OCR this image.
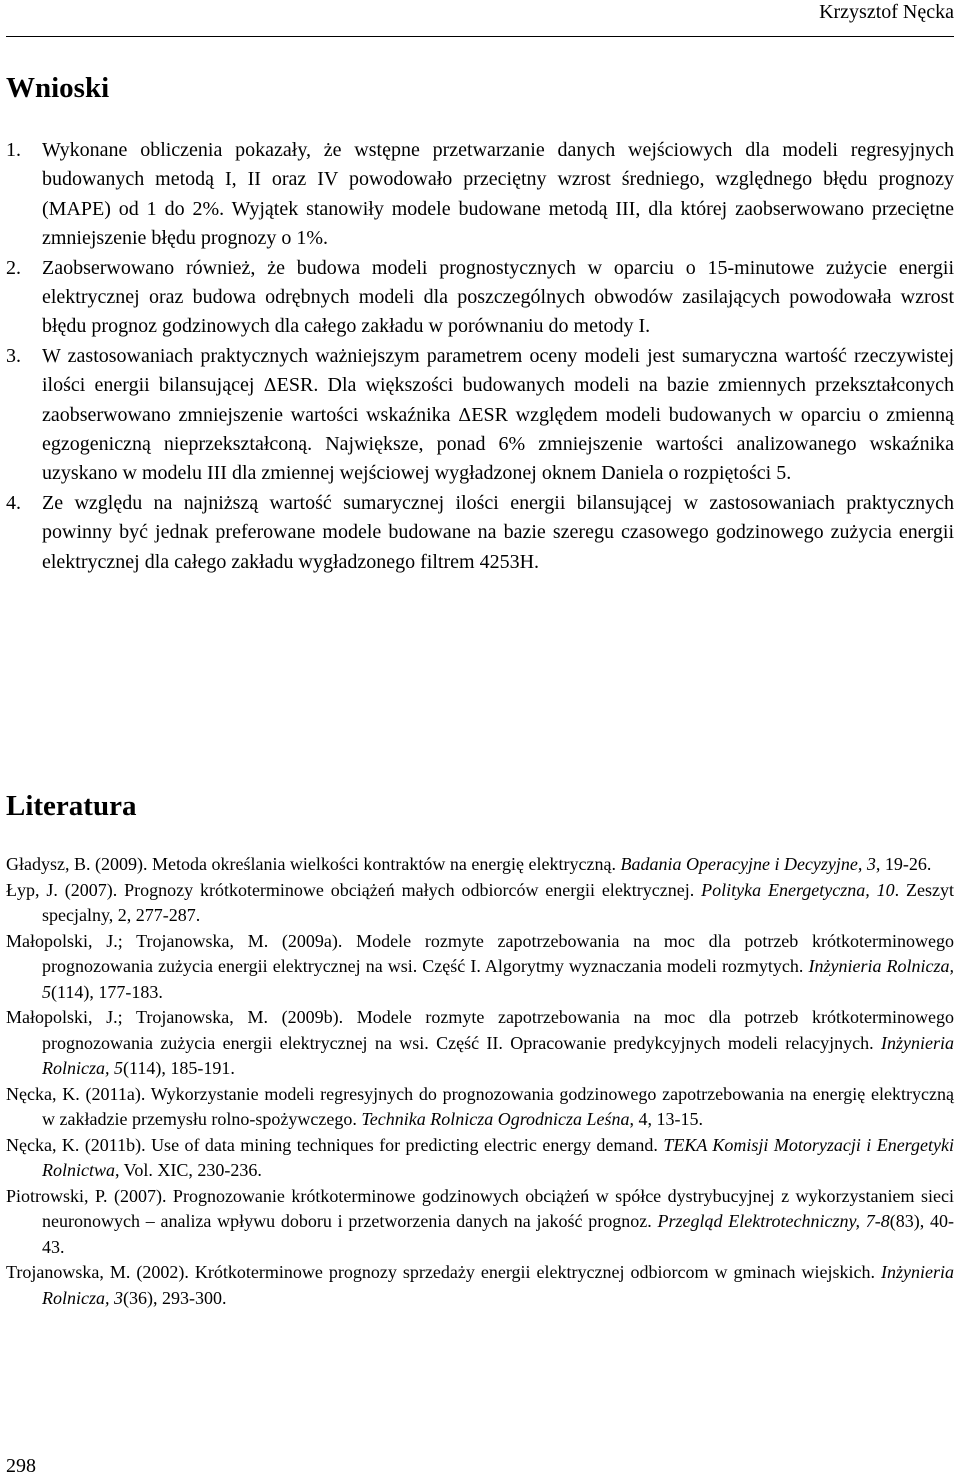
Krzysztof Nęcka
Wnioski

1. Wykonane obliczenia pokazały, że wstępne przetwarzanie danych wejściowych dla modeli regresyjnych budowanych metodą I, II oraz IV powodowało przeciętny wzrost średniego, względnego błędu prognozy (MAPE) od 1 do 2%. Wyjątek stanowiły modele budowane metodą III, dla której zaobserwowano przeciętne zmniejszenie błędu prognozy o 1%.

2. Zaobserwowano również, że budowa modeli prognostycznych w oparciu o 15-minutowe zużycie energii elektrycznej oraz budowa odrębnych modeli dla poszczególnych obwodów zasilających powodowała wzrost błędu prognoz godzinowych dla całego zakładu w porównaniu do metody I.

3. W zastosowaniach praktycznych ważniejszym parametrem oceny modeli jest sumaryczna wartość rzeczywistej ilości energii bilansującej ΔESR. Dla większości budowanych modeli na bazie zmiennych przekształconych zaobserwowano zmniejszenie wartości wskaźnika ΔESR względem modeli budowanych w oparciu o zmienną egzogeniczną nieprzekształconą. Największe, ponad 6% zmniejszenie wartości analizowanego wskaźnika uzyskano w modelu III dla zmiennej wejściowej wygładzonej oknem Daniela o rozpiętości 5.

4. Ze względu na najniższą wartość sumarycznej ilości energii bilansującej w zastosowaniach praktycznych powinny być jednak preferowane modele budowane na bazie szeregu czasowego godzinowego zużycia energii elektrycznej dla całego zakładu wygładzonego filtrem 4253H.

Literatura

Gładysz, B. (2009). Metoda określania wielkości kontraktów na energię elektryczną. Badania Operacyjne i Decyzyjne, 3, 19-26.

Łyp, J. (2007). Prognozy krótkoterminowe obciążeń małych odbiorców energii elektrycznej. Polityka Energetyczna, 10. Zeszyt specjalny, 2, 277-287.

Małopolski, J.; Trojanowska, M. (2009a). Modele rozmyte zapotrzebowania na moc dla potrzeb krótkoterminowego prognozowania zużycia energii elektrycznej na wsi. Część I. Algorytmy wyznaczania modeli rozmytych. Inżynieria Rolnicza, 5(114), 177-183.

Małopolski, J.; Trojanowska, M. (2009b). Modele rozmyte zapotrzebowania na moc dla potrzeb krótkoterminowego prognozowania zużycia energii elektrycznej na wsi. Część II. Opracowanie predykcyjnych modeli relacyjnych. Inżynieria Rolnicza, 5(114), 185-191.

Nęcka, K. (2011a). Wykorzystanie modeli regresyjnych do prognozowania godzinowego zapotrzebowania na energię elektryczną w zakładzie przemysłu rolno-spożywczego. Technika Rolnicza Ogrodnicza Leśna, 4, 13-15.

Nęcka, K. (2011b). Use of data mining techniques for predicting electric energy demand. TEKA Komisji Motoryzacji i Energetyki Rolnictwa, Vol. XIC, 230-236.

Piotrowski, P. (2007). Prognozowanie krótkoterminowe godzinowych obciążeń w spółce dystrybucyjnej z wykorzystaniem sieci neuronowych – analiza wpływu doboru i przetworzenia danych na jakość prognoz. Przegląd Elektrotechniczny, 7-8(83), 40-43.

Trojanowska, M. (2002). Krótkoterminowe prognozy sprzedaży energii elektrycznej odbiorcom w gminach wiejskich. Inżynieria Rolnicza, 3(36), 293-300.

298
